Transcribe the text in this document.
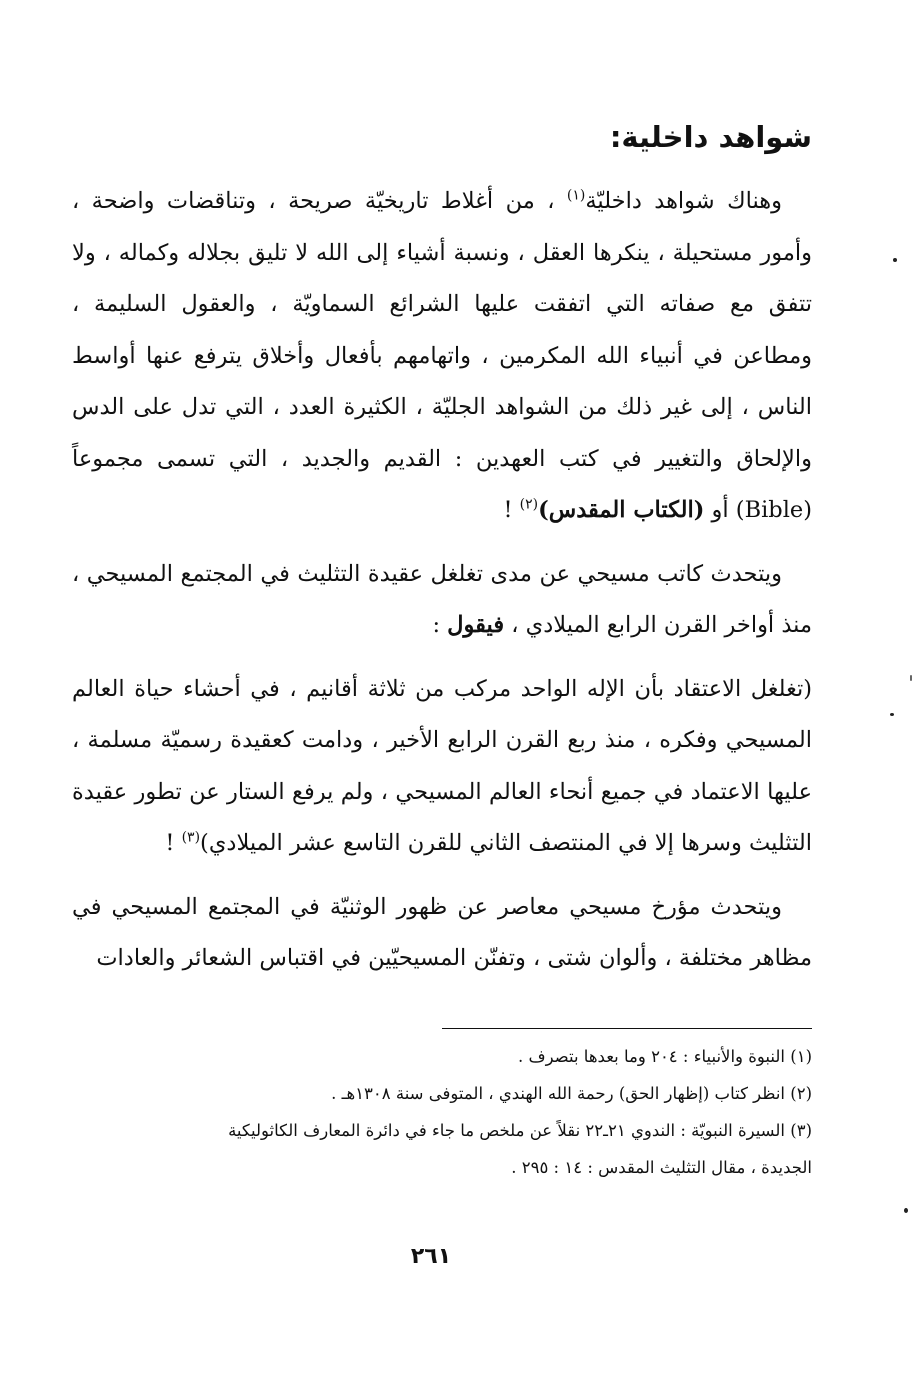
شواهد داخلية:

وهناك شواهد داخليّة$^{(١)}$ ، من أغلاط تاريخيّة صريحة ، وتناقضات واضحة ، وأمور مستحيلة ، ينكرها العقل ، ونسبة أشياء إلى الله لا تليق بجلاله وكماله ، ولا تتفق مع صفاته التي اتفقت عليها الشرائع السماويّة ، والعقول السليمة ، ومطاعن في أنبياء الله المكرمين ، واتهامهم بأفعال وأخلاق يترفع عنها أواسط الناس ، إلى غير ذلك من الشواهد الجليّة ، الكثيرة العدد ، التي تدل على الدس والإلحاق والتغيير في كتب العهدين : القديم والجديد ، التي تسمى مجموعاً (Bible) أو (الكتاب المقدس)$^{(٢)}$ !

ويتحدث كاتب مسيحي عن مدى تغلغل عقيدة التثليث في المجتمع المسيحي ، منذ أواخر القرن الرابع الميلادي ، فيقول :

(تغلغل الاعتقاد بأن الإله الواحد مركب من ثلاثة أقانيم ، في أحشاء حياة العالم المسيحي وفكره ، منذ ربع القرن الرابع الأخير ، ودامت كعقيدة رسميّة مسلمة ، عليها الاعتماد في جميع أنحاء العالم المسيحي ، ولم يرفع الستار عن تطور عقيدة التثليث وسرها إلا في المنتصف الثاني للقرن التاسع عشر الميلادي)$^{(٣)}$ !

ويتحدث مؤرخ مسيحي معاصر عن ظهور الوثنيّة في المجتمع المسيحي في مظاهر مختلفة ، وألوان شتى ، وتفنّن المسيحيّين في اقتباس الشعائر والعادات

(١) النبوة والأنبياء : ٢٠٤ وما بعدها بتصرف .

(٢) انظر كتاب (إظهار الحق) رحمة الله الهندي ، المتوفى سنة ١٣٠٨هـ .

(٣) السيرة النبويّة : الندوي ٢١ـ٢٢ نقلاً عن ملخص ما جاء في دائرة المعارف الكاثوليكية

الجديدة ، مقال التثليث المقدس : ١٤ : ٢٩٥ .

٢٦١
